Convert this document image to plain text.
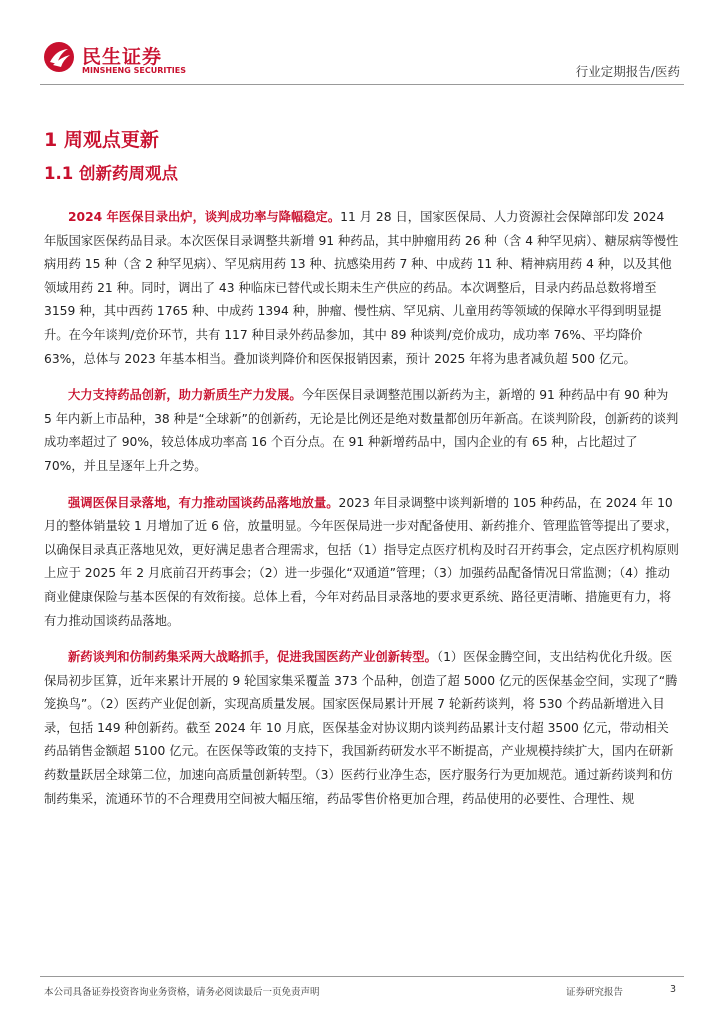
民生证券
MINSHENG SECURITIES	行业定期报告/医药
1 周观点更新
1.1 创新药周观点

2024 年医保目录出炉，谈判成功率与降幅稳定。11 月 28 日，国家医保局、人力资源社会保障部印发 2024 年版国家医保药品目录。本次医保目录调整共新增 91 种药品，其中肿瘤用药 26 种（含 4 种罕见病）、糖尿病等慢性病用药 15 种（含 2 种罕见病）、罕见病用药 13 种、抗感染用药 7 种、中成药 11 种、精神病用药 4 种，以及其他领域用药 21 种。同时，调出了 43 种临床已替代或长期未生产供应的药品。本次调整后，目录内药品总数将增至 3159 种，其中西药 1765 种、中成药 1394 种，肿瘤、慢性病、罕见病、儿童用药等领域的保障水平得到明显提升。在今年谈判/竞价环节，共有 117 种目录外药品参加，其中 89 种谈判/竞价成功，成功率 76%、平均降价 63%，总体与 2023 年基本相当。叠加谈判降价和医保报销因素，预计 2025 年将为患者减负超 500 亿元。

大力支持药品创新，助力新质生产力发展。今年医保目录调整范围以新药为主，新增的 91 种药品中有 90 种为 5 年内新上市品种，38 种是“全球新”的创新药，无论是比例还是绝对数量都创历年新高。在谈判阶段，创新药的谈判成功率超过了 90%，较总体成功率高 16 个百分点。在 91 种新增药品中，国内企业的有 65 种，占比超过了 70%，并且呈逐年上升之势。

强调医保目录落地，有力推动国谈药品落地放量。2023 年目录调整中谈判新增的 105 种药品，在 2024 年 10 月的整体销量较 1 月增加了近 6 倍，放量明显。今年医保局进一步对配备使用、新药推介、管理监管等提出了要求，以确保目录真正落地见效，更好满足患者合理需求，包括（1）指导定点医疗机构及时召开药事会，定点医疗机构原则上应于 2025 年 2 月底前召开药事会；（2）进一步强化“双通道”管理；（3）加强药品配备情况日常监测；（4）推动商业健康保险与基本医保的有效衔接。总体上看，今年对药品目录落地的要求更系统、路径更清晰、措施更有力，将有力推动国谈药品落地。

新药谈判和仿制药集采两大战略抓手，促进我国医药产业创新转型。（1）医保金腾空间，支出结构优化升级。医保局初步匡算，近年来累计开展的 9 轮国家集采覆盖 373 个品种，创造了超 5000 亿元的医保基金空间，实现了“腾笼换鸟”。（2）医药产业促创新，实现高质量发展。国家医保局累计开展 7 轮新药谈判，将 530 个药品新增进入目录，包括 149 种创新药。截至 2024 年 10 月底，医保基金对协议期内谈判药品累计支付超 3500 亿元，带动相关药品销售金额超 5100 亿元。在医保等政策的支持下，我国新药研发水平不断提高，产业规模持续扩大，国内在研新药数量跃居全球第二位，加速向高质量创新转型。（3）医药行业净生态，医疗服务行为更加规范。通过新药谈判和仿制药集采，流通环节的不合理费用空间被大幅压缩，药品零售价格更加合理，药品使用的必要性、合理性、规

本公司具备证券投资咨询业务资格，请务必阅读最后一页免责声明	证券研究报告	3
